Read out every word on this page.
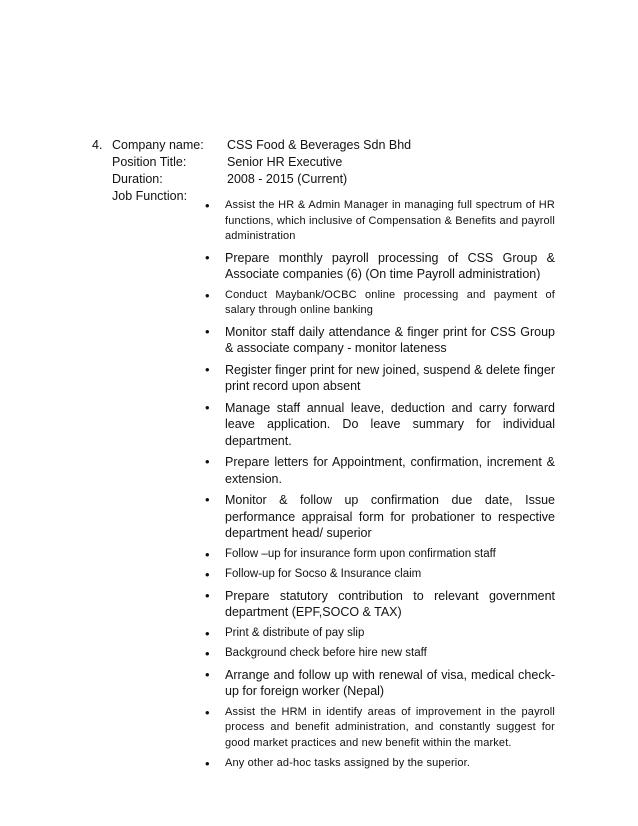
4. Company name:	CSS Food & Beverages Sdn Bhd
Position Title:	Senior HR Executive
Duration:	2008 - 2015 (Current)
Job Function:
• Assist the HR & Admin Manager in managing full spectrum of HR functions, which inclusive of Compensation & Benefits and payroll administration
• Prepare monthly payroll processing of CSS Group & Associate companies (6) (On time Payroll administration)
• Conduct Maybank/OCBC online processing and payment of salary through online banking
• Monitor staff daily attendance & finger print for CSS Group & associate company - monitor lateness
• Register finger print for new joined, suspend & delete finger print record upon absent
• Manage staff annual leave, deduction and carry forward leave application. Do leave summary for individual department.
• Prepare letters for Appointment, confirmation, increment & extension.
• Monitor & follow up confirmation due date, Issue performance appraisal form for probationer to respective department head/ superior
• Follow –up for insurance form upon confirmation staff
• Follow-up for Socso & Insurance claim
• Prepare statutory contribution to relevant government department (EPF,SOCO & TAX)
• Print & distribute of pay slip
• Background check before hire new staff
• Arrange and follow up with renewal of visa, medical check-up for foreign worker (Nepal)
• Assist the HRM in identify areas of improvement in the payroll process and benefit administration, and constantly suggest for good market practices and new benefit within the market.
• Any other ad-hoc tasks assigned by the superior.
